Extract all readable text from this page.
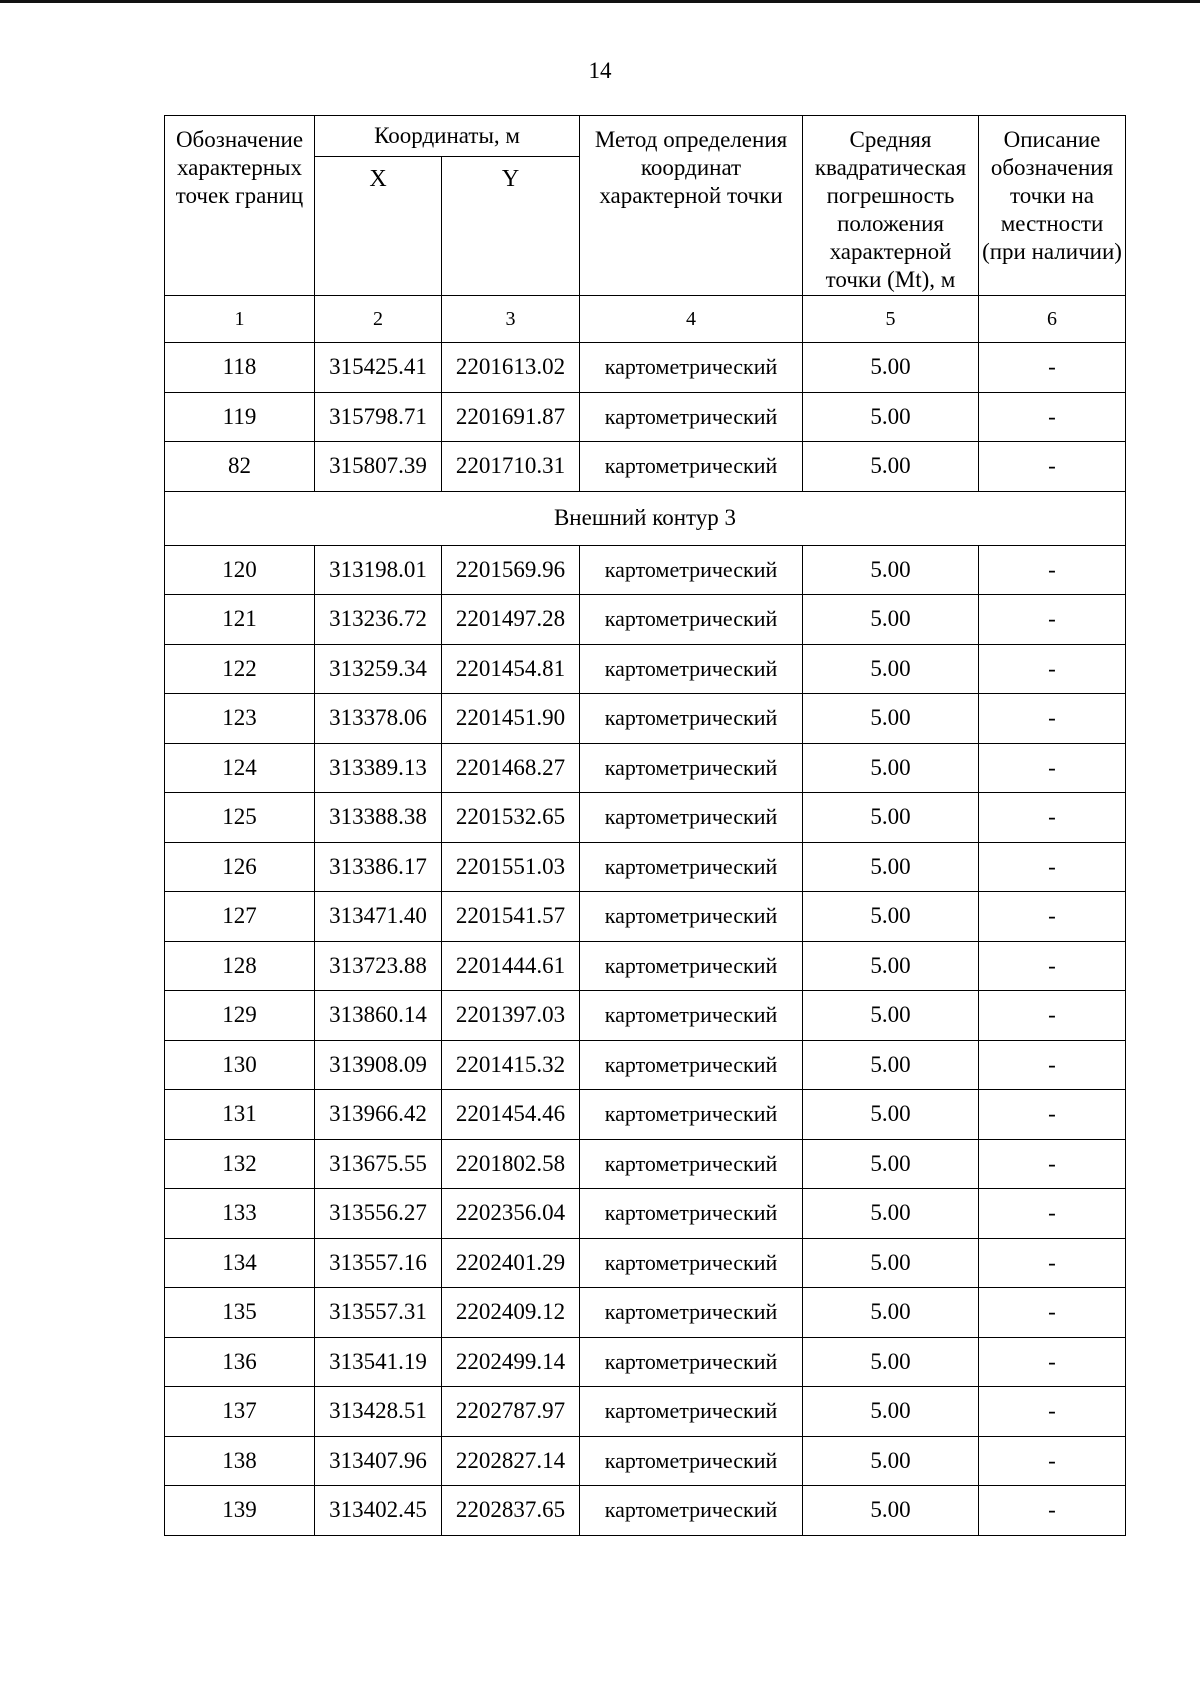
14
Обозначение характерных точек границ	Координаты, м		Метод определения координат характерной точки	Средняя квадратическая погрешность положения характерной точки (Mt), м	Описание обозначения точки на местности (при наличии)
	X	Y			
1	2	3	4	5	6
118	315425.41	2201613.02	картометрический	5.00	-
119	315798.71	2201691.87	картометрический	5.00	-
82	315807.39	2201710.31	картометрический	5.00	-
Внешний контур 3					
120	313198.01	2201569.96	картометрический	5.00	-
121	313236.72	2201497.28	картометрический	5.00	-
122	313259.34	2201454.81	картометрический	5.00	-
123	313378.06	2201451.90	картометрический	5.00	-
124	313389.13	2201468.27	картометрический	5.00	-
125	313388.38	2201532.65	картометрический	5.00	-
126	313386.17	2201551.03	картометрический	5.00	-
127	313471.40	2201541.57	картометрический	5.00	-
128	313723.88	2201444.61	картометрический	5.00	-
129	313860.14	2201397.03	картометрический	5.00	-
130	313908.09	2201415.32	картометрический	5.00	-
131	313966.42	2201454.46	картометрический	5.00	-
132	313675.55	2201802.58	картометрический	5.00	-
133	313556.27	2202356.04	картометрический	5.00	-
134	313557.16	2202401.29	картометрический	5.00	-
135	313557.31	2202409.12	картометрический	5.00	-
136	313541.19	2202499.14	картометрический	5.00	-
137	313428.51	2202787.97	картометрический	5.00	-
138	313407.96	2202827.14	картометрический	5.00	-
139	313402.45	2202837.65	картометрический	5.00	-
